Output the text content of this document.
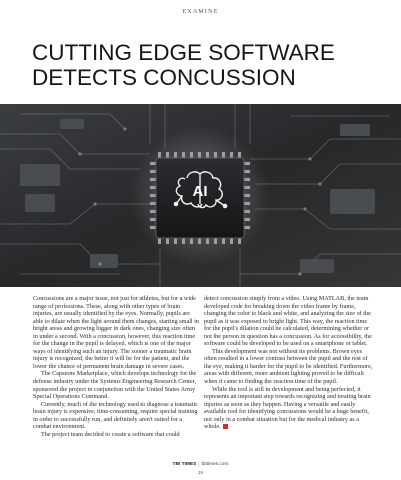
EXAMINE
CUTTING EDGE SOFTWARE
DETECTS CONCUSSION
AI

Concussions are a major issue, not just for athletes, but for a wide range of professions. These, along with other types of brain injuries, are usually identified by the eyes. Normally, pupils are able to dilate when the light around them changes, starting small in bright areas and growing bigger in dark ones, changing size often in under a second. With a concussion, however, this reaction time for the change in the pupil is delayed, which is one of the major ways of identifying such an injury. The sooner a traumatic brain injury is recognized, the better it will be for the patient, and the lower the chance of permanent brain damage in severe cases.

The Capstone Marketplace, which develops technology for the defense industry under the Systems Engineering Research Center, sponsored the project in conjunction with the United States Army Special Operations Command.

Currently, much of the technology used to diagnose a traumatic brain injury is expensive, time-consuming, require special training in order to successfully run, and definitely aren't suited for a combat environment.

The project team decided to create a software that could

detect concussion simply from a video. Using MATLAB, the team developed code for breaking down the video frame by frame, changing the color to black and white, and analyzing the size of the pupil as it was exposed to bright light. This way, the reaction time for the pupil's dilation could be calculated, determining whether or not the person in question has a concussion. As for accessibility, the software could be developed to be used on a smartphone or tablet.

This development was not without its problems. Brown eyes often resulted in a lower contrast between the pupil and the rest of the eye, making it harder for the pupil to be identified. Furthermore, areas with different, more ambient lighting proved to be difficult when it came to finding the reaction time of the pupil.

While the tool is still in development and being perfected, it represents an important step towards recognizing and treating brain injuries as soon as they happen. Having a versatile and easily available tool for identifying concussions would be a huge benefit, not only in a combat situation but for the medical industry as a whole.

TBI TIMES | tbitimes.com
19
